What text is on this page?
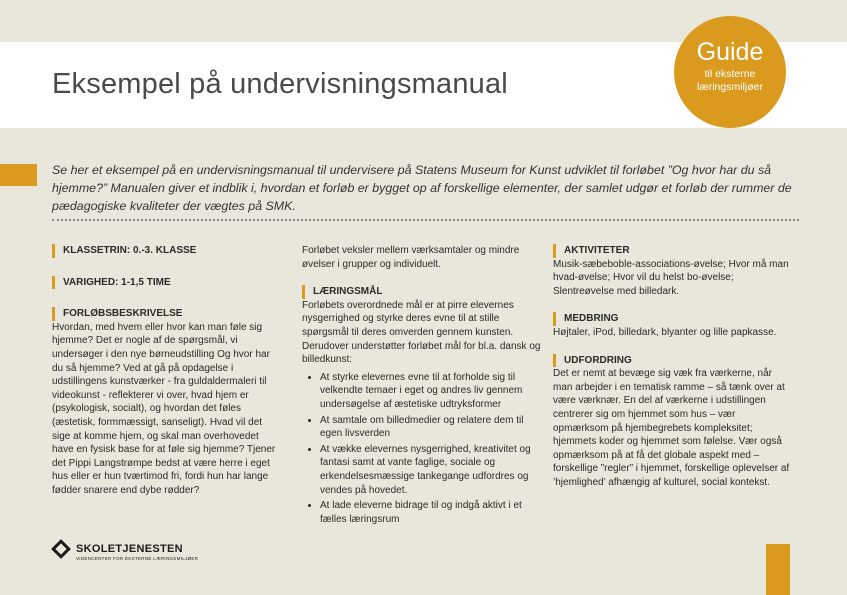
Eksempel på undervisningsmanual
Guide
til eksterne
læringsmiljøer

Se her et eksempel på en undervisningsmanual til undervisere på Statens Museum for Kunst udviklet til forløbet ”Og hvor har du så hjemme?” Manualen giver et indblik i, hvordan et forløb er bygget op af forskellige elementer, der samlet udgør et forløb der rummer de pædagogiske kvaliteter der vægtes på SMK.

KLASSETRIN: 0.-3. KLASSE

VARIGHED: 1-1,5 TIME

FORLØBSBESKRIVELSE

Hvordan, med hvem eller hvor kan man føle sig hjemme? Det er nogle af de spørgsmål, vi undersøger i den nye børneudstilling Og hvor har du så hjemme? Ved at gå på opdagelse i udstillingens kunstværker - fra guldaldermaleri til videokunst - reflekterer vi over, hvad hjem er (psykologisk, socialt), og hvordan det føles (æstetisk, formmæssigt, sanseligt). Hvad vil det sige at komme hjem, og skal man overhovedet have en fysisk base for at føle sig hjemme? Tjener det Pippi Langstrømpe bedst at være herre i eget hus eller er hun tværtimod fri, fordi hun har lange fødder snarere end dybe rødder?

Forløbet veksler mellem værksamtaler og mindre øvelser i grupper og individuelt.

LÆRINGSMÅL

Forløbets overordnede mål er at pirre elevernes nysgerrighed og styrke deres evne til at stille spørgsmål til deres omverden gennem kunsten. Derudover understøtter forløbet mål for bl.a. dansk og billedkunst:

• At styrke elevernes evne til at forholde sig til velkendte temaer i eget og andres liv gennem undersøgelse af æstetiske udtryksformer
• At samtale om billedmedier og relatere dem til egen livsverden
• At vække elevernes nysgerrighed, kreativitet og fantasi samt at vante faglige, sociale og erkendelsesmæssige tankegange udfordres og vendes på hovedet.
• At lade eleverne bidrage til og indgå aktivt i et fælles læringsrum

AKTIVITETER

Musik-sæbeboble-associations-øvelse; Hvor må man hvad-øvelse; Hvor vil du helst bo-øvelse; Slentreøvelse med billedark.

MEDBRING

Højtaler, iPod, billedark, blyanter og lille papkasse.

UDFORDRING

Det er nemt at bevæge sig væk fra værkerne, når man arbejder i en tematisk ramme – så tænk over at være værknær. En del af værkerne i udstillingen centrerer sig om hjemmet som hus – vær opmærksom på hjembegrebets kompleksitet; hjemmets koder og hjemmet som følelse. Vær også opmærksom på at få det globale aspekt med – forskellige ”regler” i hjemmet, forskellige oplevelser af ’hjemlighed’ afhængig af kulturel, social kontekst.

SKOLETJENESTEN
VIDENCENTER FOR EKSTERNE LÆRINGSMILJØER
